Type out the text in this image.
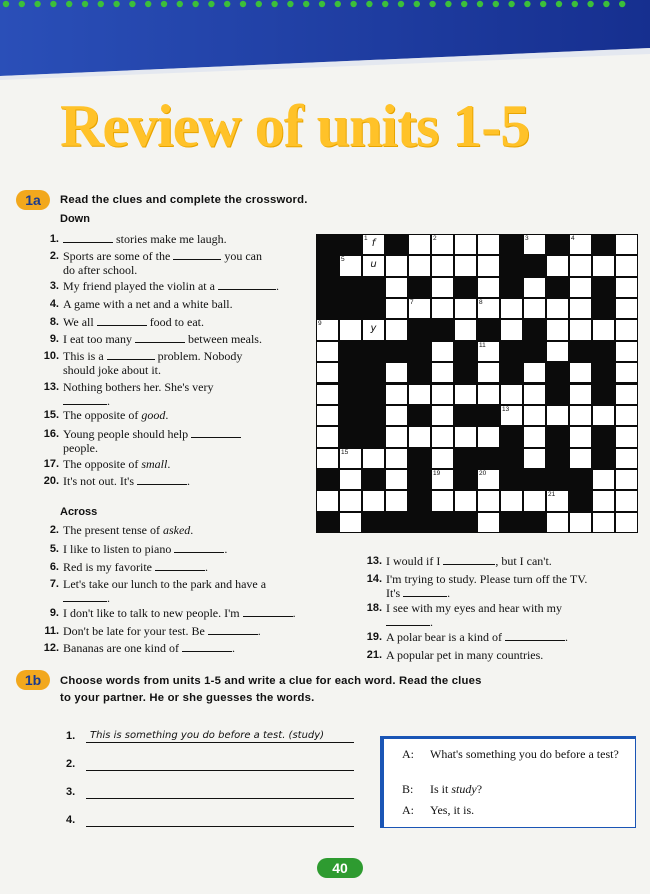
Review of units 1-5
1a	Read the clues and complete the crossword.
Down
Across
1.	stories make me laugh.
2. Sports are some of the	you can
do after school.
3. My friend played the violin at a	.
4. A game with a net and a white ball.
8. We all	food to eat.
9. I eat too many	between meals.
10. This is a	problem. Nobody
should joke about it.
13. Nothing bothers her. She's very
.
15. The opposite of good.
16. Young people should help
people.
17. The opposite of small.
20. It's not out. It's	.
2. The present tense of asked.
5. I like to listen to piano	.
6. Red is my favorite	.
7. Let's take our lunch to the park and have a
.
9. I don't like to talk to new people. I'm	.
11. Don't be late for your test. Be	.
12. Bananas are one kind of	.
13. I would if I	, but I can't.
14. I'm trying to study. Please turn off the TV.
It's	.
18. I see with my eyes and hear with my
.
19. A polar bear is a kind of	.
21. A popular pet in many countries.
1 f	2	3	4
5	u
7	8
9	y
11
13
15
19	20
21
1b	Choose words from units 1-5 and write a clue for each word. Read the clues
to your partner. He or she guesses the words.
1. This is something you do before a test. (study)
2.
3.
4.
A:	What's something you do before a test?
B:	Is it study?
A:	Yes, it is.
40
